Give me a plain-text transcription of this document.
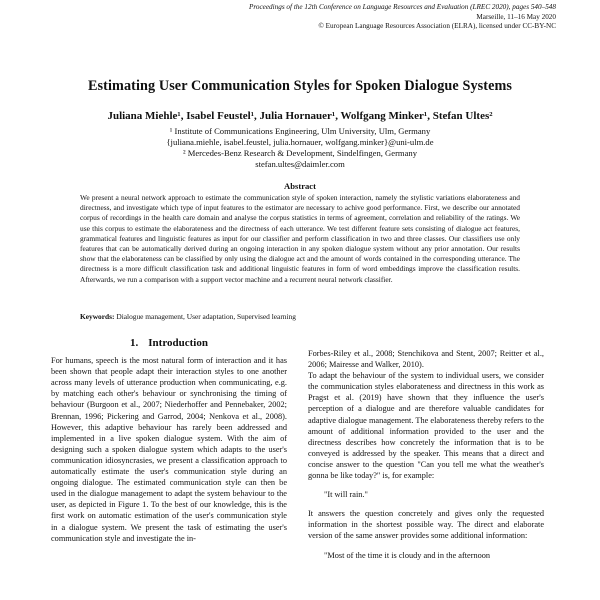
Proceedings of the 12th Conference on Language Resources and Evaluation (LREC 2020), pages 540–548
Marseille, 11–16 May 2020
© European Language Resources Association (ELRA), licensed under CC-BY-NC
Estimating User Communication Styles for Spoken Dialogue Systems
Juliana Miehle¹, Isabel Feustel¹, Julia Hornauer¹, Wolfgang Minker¹, Stefan Ultes²
¹ Institute of Communications Engineering, Ulm University, Ulm, Germany
{juliana.miehle, isabel.feustel, julia.hornauer, wolfgang.minker}@uni-ulm.de
² Mercedes-Benz Research & Development, Sindelfingen, Germany
stefan.ultes@daimler.com
Abstract
We present a neural network approach to estimate the communication style of spoken interaction, namely the stylistic variations elaborateness and directness, and investigate which type of input features to the estimator are necessary to achive good performance. First, we describe our annotated corpus of recordings in the health care domain and analyse the corpus statistics in terms of agreement, correlation and reliability of the ratings. We use this corpus to estimate the elaborateness and the directness of each utterance. We test different feature sets consisting of dialogue act features, grammatical features and linguistic features as input for our classifier and perform classification in two and three classes. Our classifiers use only features that can be automatically derived during an ongoing interaction in any spoken dialogue system without any prior annotation. Our results show that the elaborateness can be classified by only using the dialogue act and the amount of words contained in the corresponding utterance. The directness is a more difficult classification task and additional linguistic features in form of word embeddings improve the classification results. Afterwards, we run a comparison with a support vector machine and a recurrent neural network classifier.
Keywords: Dialogue management, User adaptation, Supervised learning
1. Introduction

For humans, speech is the most natural form of interaction and it has been shown that people adapt their interaction styles to one another across many levels of utterance production when communicating, e.g. by matching each other's behaviour or synchronising the timing of behaviour (Burgoon et al., 2007; Niederhoffer and Pennebaker, 2002; Brennan, 1996; Pickering and Garrod, 2004; Nenkova et al., 2008). However, this adaptive behaviour has rarely been addressed and implemented in a live spoken dialogue system. With the aim of designing such a spoken dialogue system which adapts to the user's communication idiosyncrasies, we present a classification approach to automatically estimate the user's communication style during an ongoing dialogue. The estimated communication style can then be used in the dialogue management to adapt the system behaviour to the user, as depicted in Figure 1. To the best of our knowledge, this is the first work on automatic estimation of the user's communication style in a dialogue system. We present the task of estimating the user's communication style and investigate the in-

Forbes-Riley et al., 2008; Stenchikova and Stent, 2007; Reitter et al., 2006; Mairesse and Walker, 2010).

To adapt the behaviour of the system to individual users, we consider the communication styles elaborateness and directness in this work as Pragst et al. (2019) have shown that they influence the user's perception of a dialogue and are therefore valuable candidates for adaptive dialogue management. The elaborateness thereby refers to the amount of additional information provided to the user and the directness describes how concretely the information that is to be conveyed is addressed by the speaker. This means that a direct and concise answer to the question "Can you tell me what the weather's gonna be like today?" is, for example:

"It will rain."

It answers the question concretely and gives only the requested information in the shortest possible way. The direct and elaborate version of the same answer provides some additional information:

"Most of the time it is cloudy and in the afternoon
